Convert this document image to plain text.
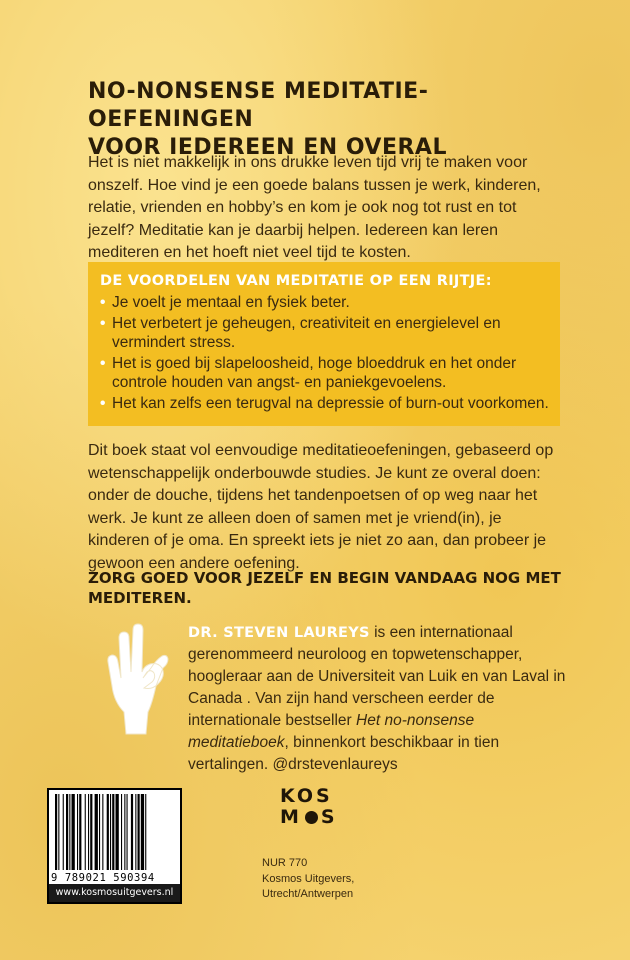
NO-NONSENSE MEDITATIE-OEFENINGEN
VOOR IEDEREEN EN OVERAL
Het is niet makkelijk in ons drukke leven tijd vrij te maken voor onszelf. Hoe vind je een goede balans tussen je werk, kinderen, relatie, vrienden en hobby’s en kom je ook nog tot rust en tot jezelf? Meditatie kan je daarbij helpen. Iedereen kan leren mediteren en het hoeft niet veel tijd te kosten.
DE VOORDELEN VAN MEDITATIE OP EEN RIJTJE:
• Je voelt je mentaal en fysiek beter.
• Het verbetert je geheugen, creativiteit en energielevel en vermindert stress.
• Het is goed bij slapeloosheid, hoge bloeddruk en het onder controle houden van angst- en paniekgevoelens.
• Het kan zelfs een terugval na depressie of burn-out voorkomen.
Dit boek staat vol eenvoudige meditatieoefeningen, gebaseerd op wetenschappelijk onderbouwde studies. Je kunt ze overal doen: onder de douche, tijdens het tandenpoetsen of op weg naar het werk. Je kunt ze alleen doen of samen met je vriend(in), je kinderen of je oma. En spreekt iets je niet zo aan, dan probeer je gewoon een andere oefening.
ZORG GOED VOOR JEZELF EN BEGIN VANDAAG NOG MET MEDITEREN.
DR. STEVEN LAUREYS is een internationaal gerenommeerd neuroloog en topwetenschapper, hoogleraar aan de Universiteit van Luik en van Laval in Canada . Van zijn hand verscheen eerder de internationale bestseller Het no-nonsense meditatieboek, binnenkort beschikbaar in tien vertalingen. @drstevenlaureys
KOS
M S
9 789021 590394
www.kosmosuitgevers.nl
NUR 770
Kosmos Uitgevers,
Utrecht/Antwerpen
